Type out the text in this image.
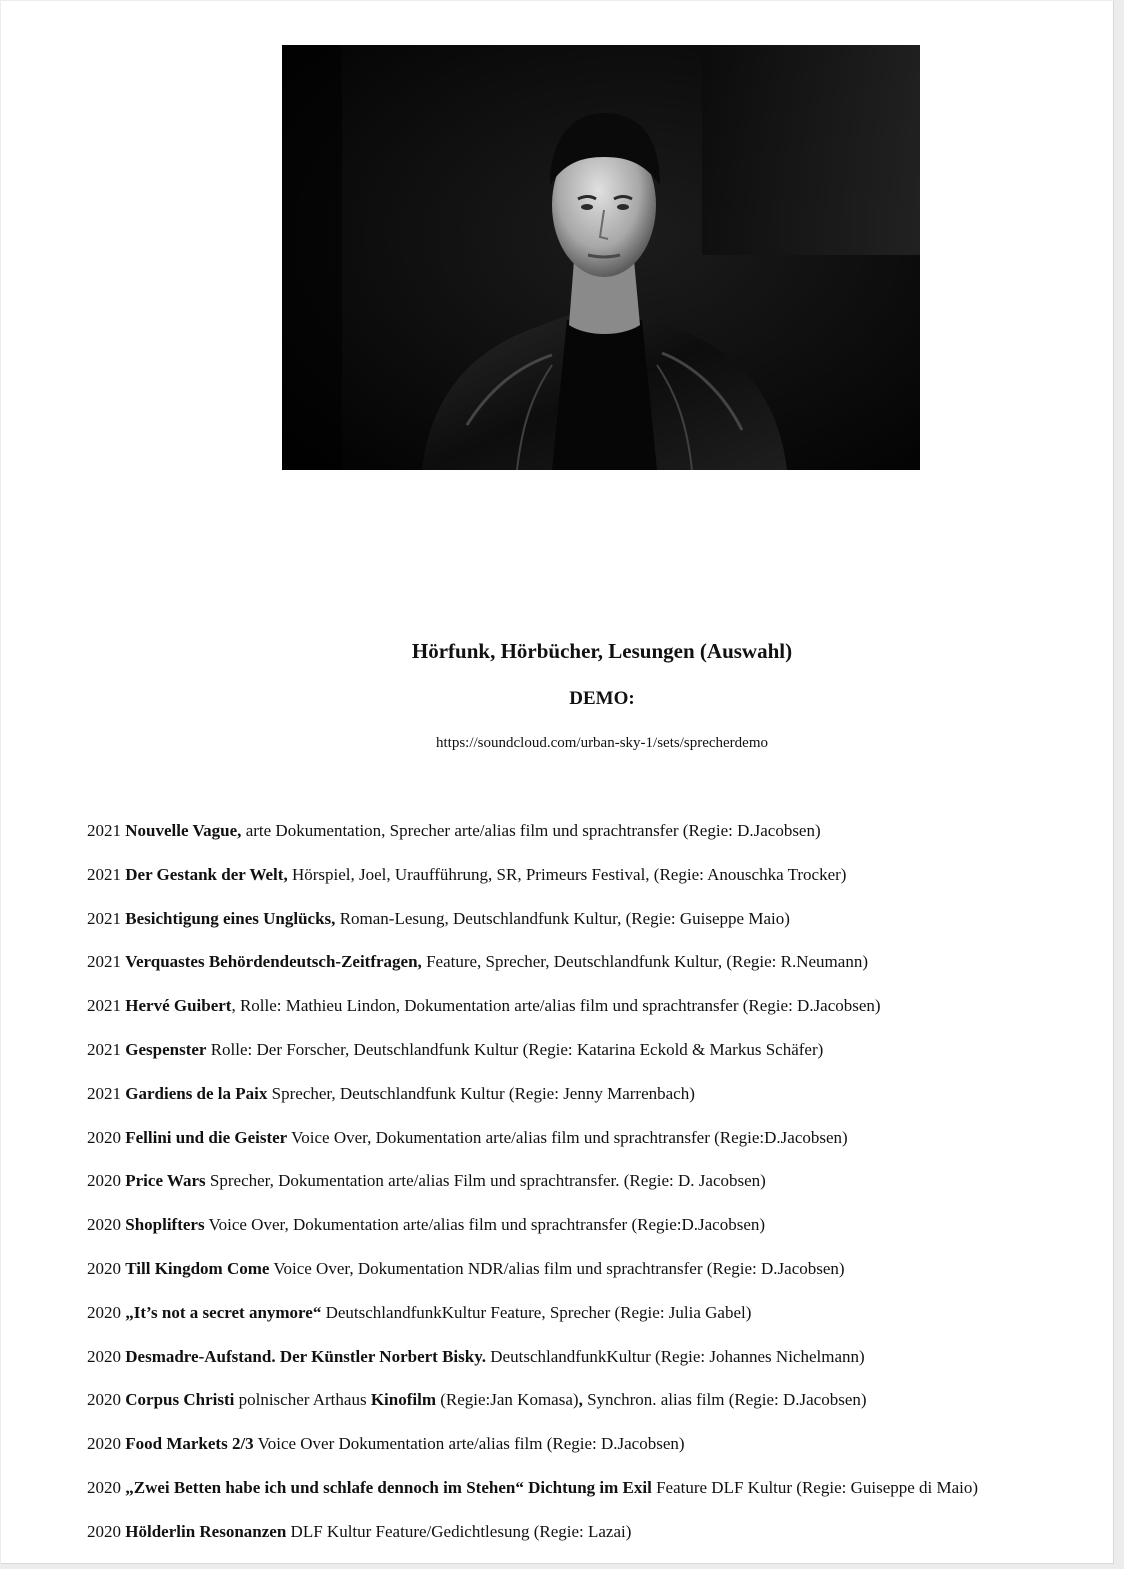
Hörfunk, Hörbücher, Lesungen (Auswahl)
DEMO:
https://soundcloud.com/urban-sky-1/sets/sprecherdemo
2021 Nouvelle Vague, arte Dokumentation, Sprecher arte/alias film und sprachtransfer (Regie: D.Jacobsen)
2021 Der Gestank der Welt, Hörspiel, Joel, Uraufführung, SR, Primeurs Festival, (Regie: Anouschka Trocker)
2021 Besichtigung eines Unglücks, Roman-Lesung, Deutschlandfunk Kultur, (Regie: Guiseppe Maio)
2021 Verquastes Behördendeutsch-Zeitfragen, Feature, Sprecher, Deutschlandfunk Kultur, (Regie: R.Neumann)
2021 Hervé Guibert, Rolle: Mathieu Lindon, Dokumentation arte/alias film und sprachtransfer (Regie: D.Jacobsen)
2021 Gespenster Rolle: Der Forscher, Deutschlandfunk Kultur (Regie: Katarina Eckold & Markus Schäfer)
2021 Gardiens de la Paix Sprecher, Deutschlandfunk Kultur (Regie: Jenny Marrenbach)
2020 Fellini und die Geister Voice Over, Dokumentation arte/alias film und sprachtransfer (Regie:D.Jacobsen)
2020 Price Wars Sprecher, Dokumentation arte/alias Film und sprachtransfer. (Regie: D. Jacobsen)
2020 Shoplifters Voice Over, Dokumentation arte/alias film und sprachtransfer (Regie:D.Jacobsen)
2020 Till Kingdom Come Voice Over, Dokumentation NDR/alias film und sprachtransfer (Regie: D.Jacobsen)
2020 „It’s not a secret anymore“ DeutschlandfunkKultur Feature, Sprecher (Regie: Julia Gabel)
2020 Desmadre-Aufstand. Der Künstler Norbert Bisky. DeutschlandfunkKultur (Regie: Johannes Nichelmann)
2020 Corpus Christi polnischer Arthaus Kinofilm (Regie:Jan Komasa), Synchron. alias film (Regie: D.Jacobsen)
2020 Food Markets 2/3 Voice Over Dokumentation arte/alias film (Regie: D.Jacobsen)
2020 „Zwei Betten habe ich und schlafe dennoch im Stehen“ Dichtung im Exil Feature DLF Kultur (Regie: Guiseppe di Maio)
2020 Hölderlin Resonanzen DLF Kultur Feature/Gedichtlesung (Regie: Lazai)
